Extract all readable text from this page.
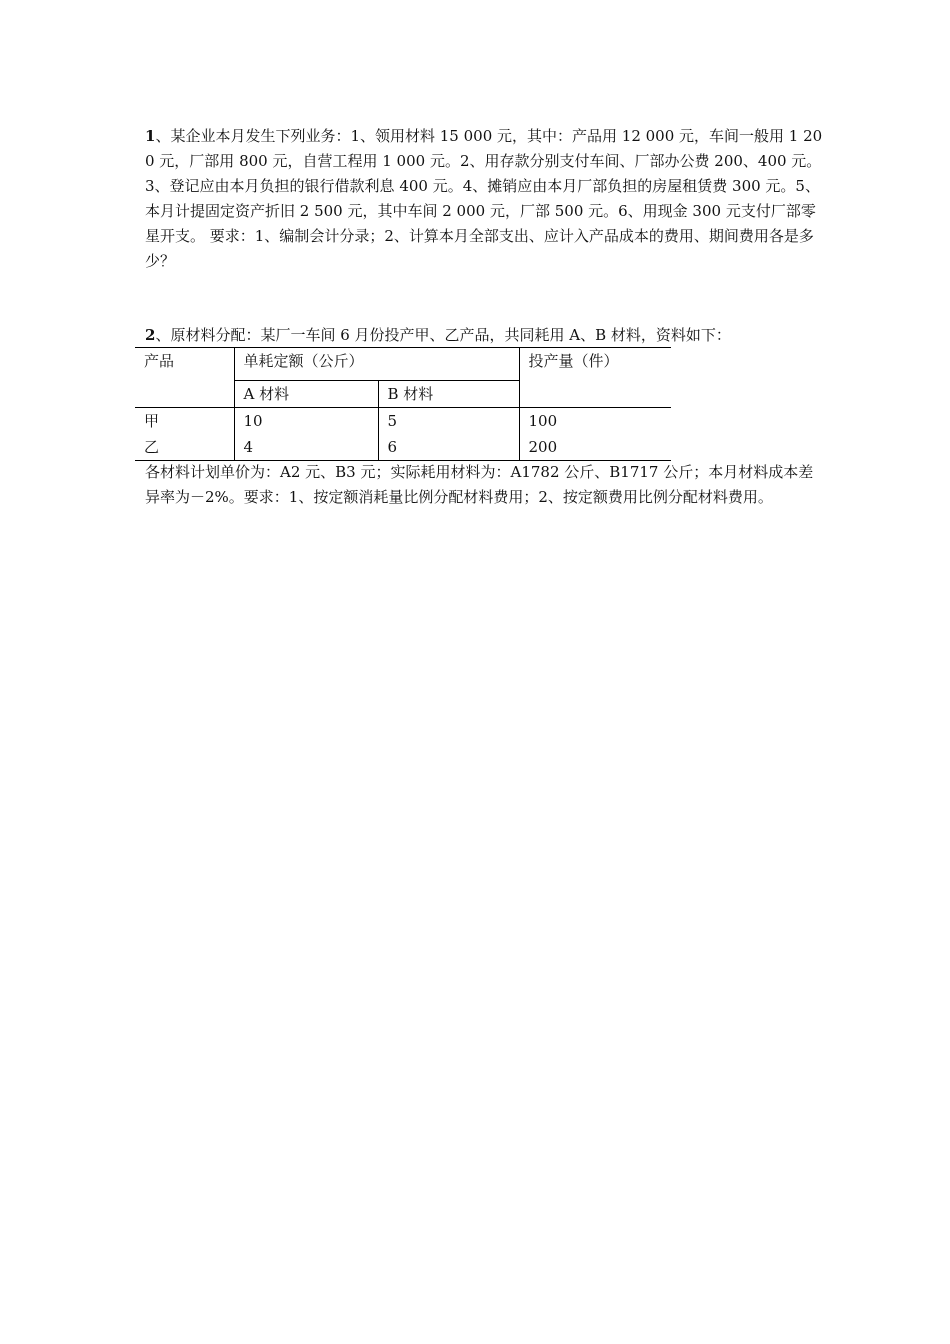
1、某企业本月发生下列业务：1、领用材料 15 000 元，其中：产品用 12 000 元，车间一般用 1 200 元，厂部用 800 元，自营工程用 1 000 元。2、用存款分别支付车间、厂部办公费 200、400 元。3、登记应由本月负担的银行借款利息 400 元。4、摊销应由本月厂部负担的房屋租赁费 300 元。5、本月计提固定资产折旧 2 500 元，其中车间 2 000 元，厂部 500 元。6、用现金 300 元支付厂部零星开支。 要求：1、编制会计分录；2、计算本月全部支出、应计入产品成本的费用、期间费用各是多少？

2、原材料分配：某厂一车间 6 月份投产甲、乙产品，共同耗用 A、B 材料，资料如下：

产品	单耗定额（公斤）		投产量（件）
	A 材料	B 材料	
甲	10	5	100
乙	4	6	200

各材料计划单价为：A2 元、B3 元；实际耗用材料为：A1782 公斤、B1717 公斤；本月材料成本差异率为－2%。要求：1、按定额消耗量比例分配材料费用；2、按定额费用比例分配材料费用。
